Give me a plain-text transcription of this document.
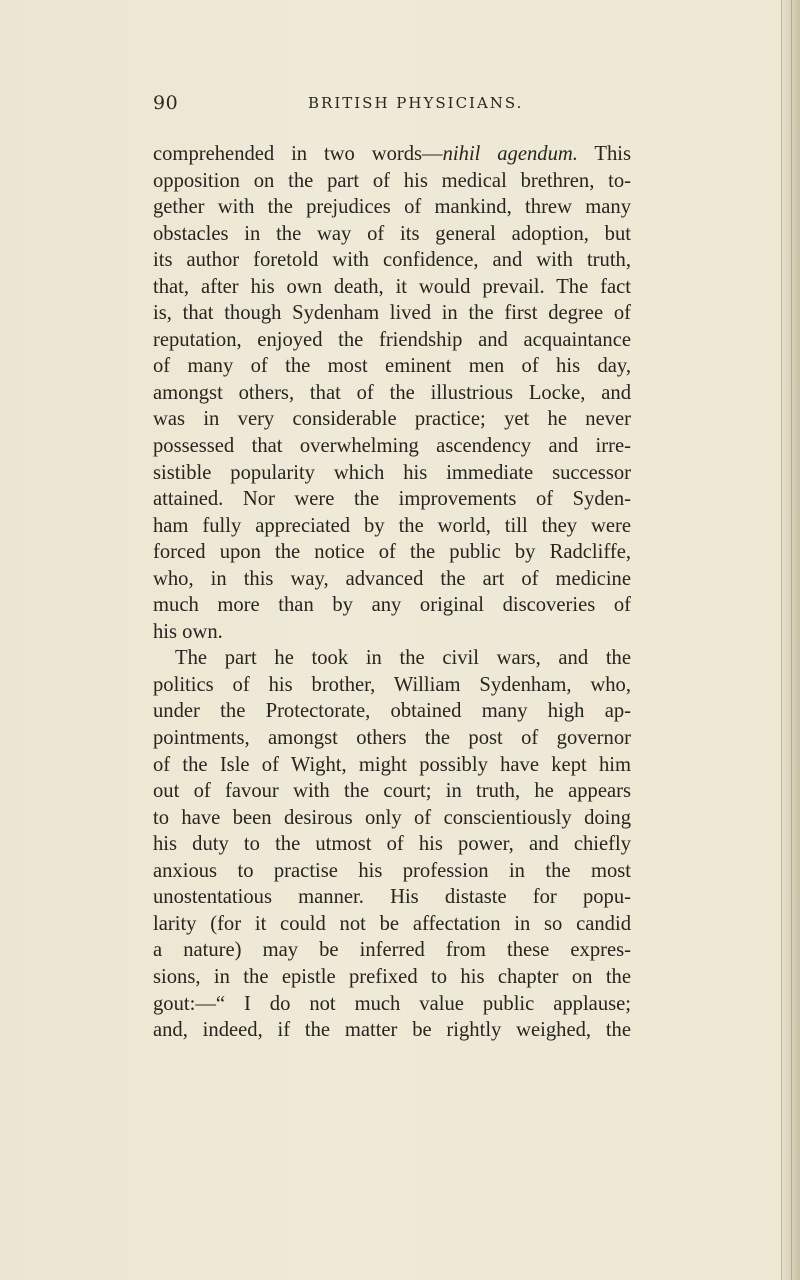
90	BRITISH PHYSICIANS.
comprehended in two words—nihil agendum. This
opposition on the part of his medical brethren, to-
gether with the prejudices of mankind, threw many
obstacles in the way of its general adoption, but
its author foretold with confidence, and with truth,
that, after his own death, it would prevail. The fact
is, that though Sydenham lived in the first degree of
reputation, enjoyed the friendship and acquaintance
of many of the most eminent men of his day,
amongst others, that of the illustrious Locke, and
was in very considerable practice; yet he never
possessed that overwhelming ascendency and irre-
sistible popularity which his immediate successor
attained. Nor were the improvements of Syden-
ham fully appreciated by the world, till they were
forced upon the notice of the public by Radcliffe,
who, in this way, advanced the art of medicine
much more than by any original discoveries of
his own.
The part he took in the civil wars, and the
politics of his brother, William Sydenham, who,
under the Protectorate, obtained many high ap-
pointments, amongst others the post of governor
of the Isle of Wight, might possibly have kept him
out of favour with the court; in truth, he appears
to have been desirous only of conscientiously doing
his duty to the utmost of his power, and chiefly
anxious to practise his profession in the most
unostentatious manner. His distaste for popu-
larity (for it could not be affectation in so candid
a nature) may be inferred from these expres-
sions, in the epistle prefixed to his chapter on the
gout:—“ I do not much value public applause;
and, indeed, if the matter be rightly weighed, the
